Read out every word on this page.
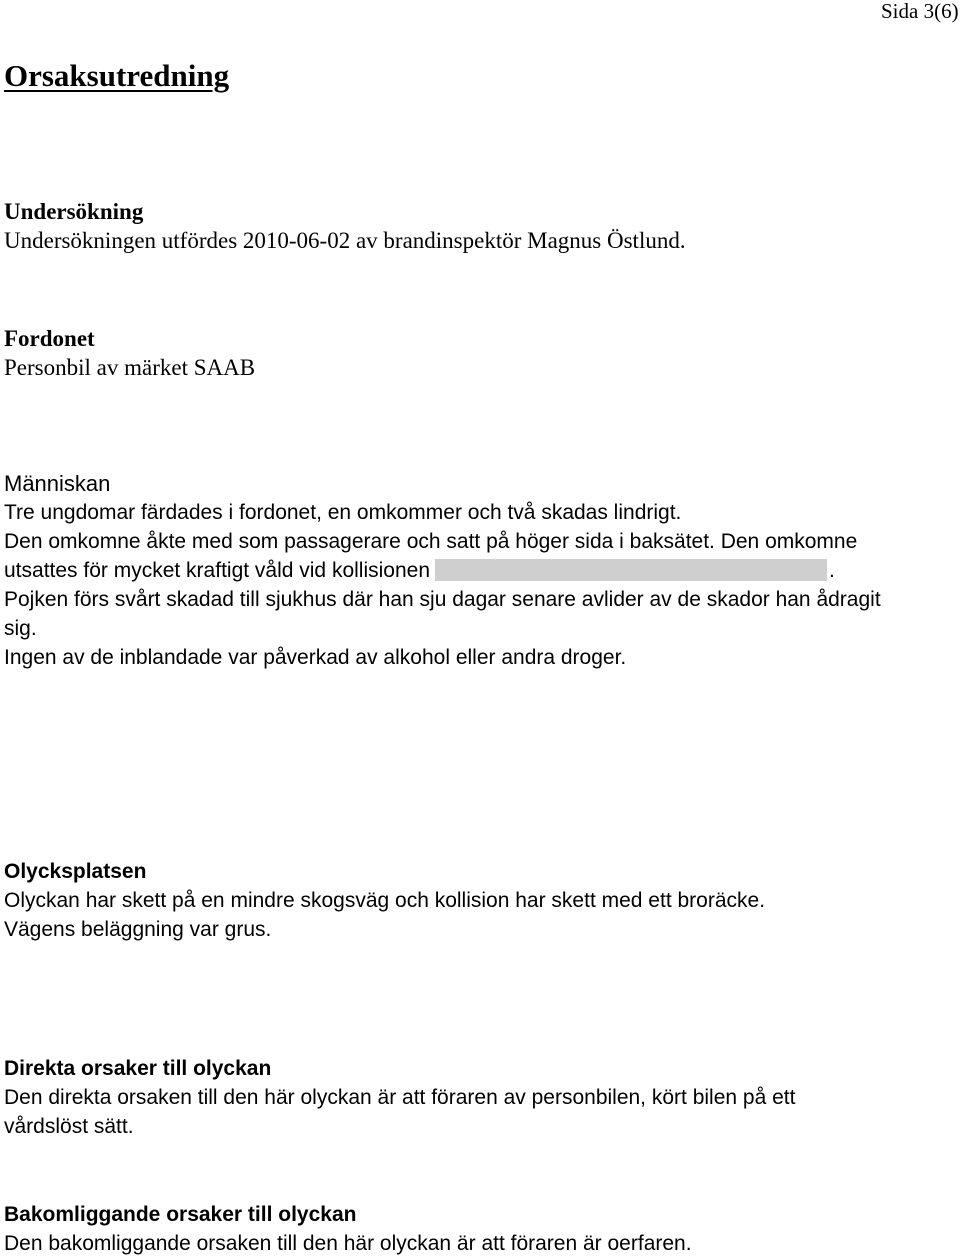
Sida 3(6)
Orsaksutredning
Undersökning
Undersökningen utfördes 2010-06-02 av brandinspektör Magnus Östlund.
Fordonet
Personbil av märket SAAB
Människan
Tre ungdomar färdades i fordonet, en omkommer och två skadas lindrigt.
Den omkomne åkte med som passagerare och satt på höger sida i baksätet. Den omkomne
utsattes för mycket kraftigt våld vid kollisionen	.
Pojken förs svårt skadad till sjukhus där han sju dagar senare avlider av de skador han ådragit
sig.
Ingen av de inblandade var påverkad av alkohol eller andra droger.
Olycksplatsen
Olyckan har skett på en mindre skogsväg och kollision har skett med ett broräcke.
Vägens beläggning var grus.
Direkta orsaker till olyckan
Den direkta orsaken till den här olyckan är att föraren av personbilen, kört bilen på ett
vårdslöst sätt.
Bakomliggande orsaker till olyckan
Den bakomliggande orsaken till den här olyckan är att föraren är oerfaren.
